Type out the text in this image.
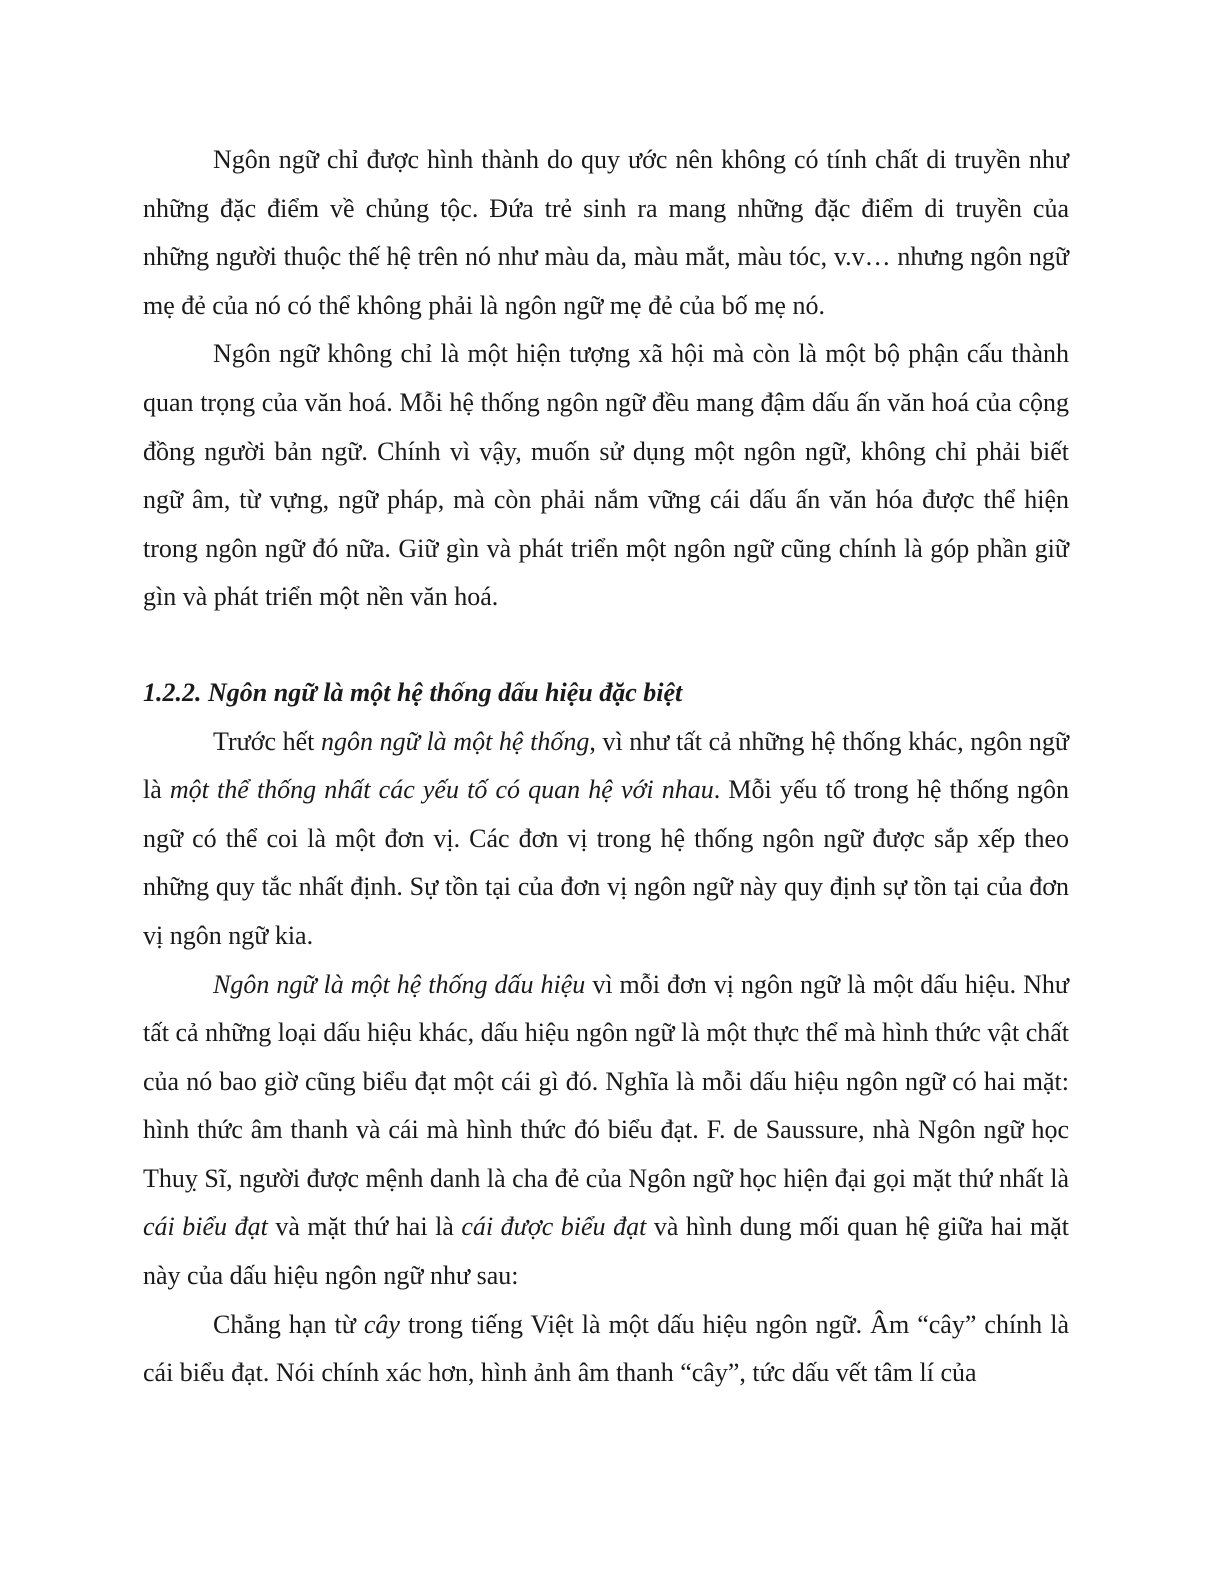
Ngôn ngữ chỉ được hình thành do quy ước nên không có tính chất di truyền như những đặc điểm về chủng tộc. Đứa trẻ sinh ra mang những đặc điểm di truyền của những người thuộc thế hệ trên nó như màu da, màu mắt, màu tóc, v.v… nhưng ngôn ngữ mẹ đẻ của nó có thể không phải là ngôn ngữ mẹ đẻ của bố mẹ nó.

Ngôn ngữ không chỉ là một hiện tượng xã hội mà còn là một bộ phận cấu thành quan trọng của văn hoá. Mỗi hệ thống ngôn ngữ đều mang đậm dấu ấn văn hoá của cộng đồng người bản ngữ. Chính vì vậy, muốn sử dụng một ngôn ngữ, không chỉ phải biết ngữ âm, từ vựng, ngữ pháp, mà còn phải nắm vững cái dấu ấn văn hóa được thể hiện trong ngôn ngữ đó nữa. Giữ gìn và phát triển một ngôn ngữ cũng chính là góp phần giữ gìn và phát triển một nền văn hoá.

1.2.2. Ngôn ngữ là một hệ thống dấu hiệu đặc biệt

Trước hết ngôn ngữ là một hệ thống, vì như tất cả những hệ thống khác, ngôn ngữ là một thể thống nhất các yếu tố có quan hệ với nhau. Mỗi yếu tố trong hệ thống ngôn ngữ có thể coi là một đơn vị. Các đơn vị trong hệ thống ngôn ngữ được sắp xếp theo những quy tắc nhất định. Sự tồn tại của đơn vị ngôn ngữ này quy định sự tồn tại của đơn vị ngôn ngữ kia.

Ngôn ngữ là một hệ thống dấu hiệu vì mỗi đơn vị ngôn ngữ là một dấu hiệu. Như tất cả những loại dấu hiệu khác, dấu hiệu ngôn ngữ là một thực thể mà hình thức vật chất của nó bao giờ cũng biểu đạt một cái gì đó. Nghĩa là mỗi dấu hiệu ngôn ngữ có hai mặt: hình thức âm thanh và cái mà hình thức đó biểu đạt. F. de Saussure, nhà Ngôn ngữ học Thuỵ Sĩ, người được mệnh danh là cha đẻ của Ngôn ngữ học hiện đại gọi mặt thứ nhất là cái biểu đạt và mặt thứ hai là cái được biểu đạt và hình dung mối quan hệ giữa hai mặt này của dấu hiệu ngôn ngữ như sau:

Chẳng hạn từ cây trong tiếng Việt là một dấu hiệu ngôn ngữ. Âm “cây” chính là cái biểu đạt. Nói chính xác hơn, hình ảnh âm thanh “cây”, tức dấu vết tâm lí của
